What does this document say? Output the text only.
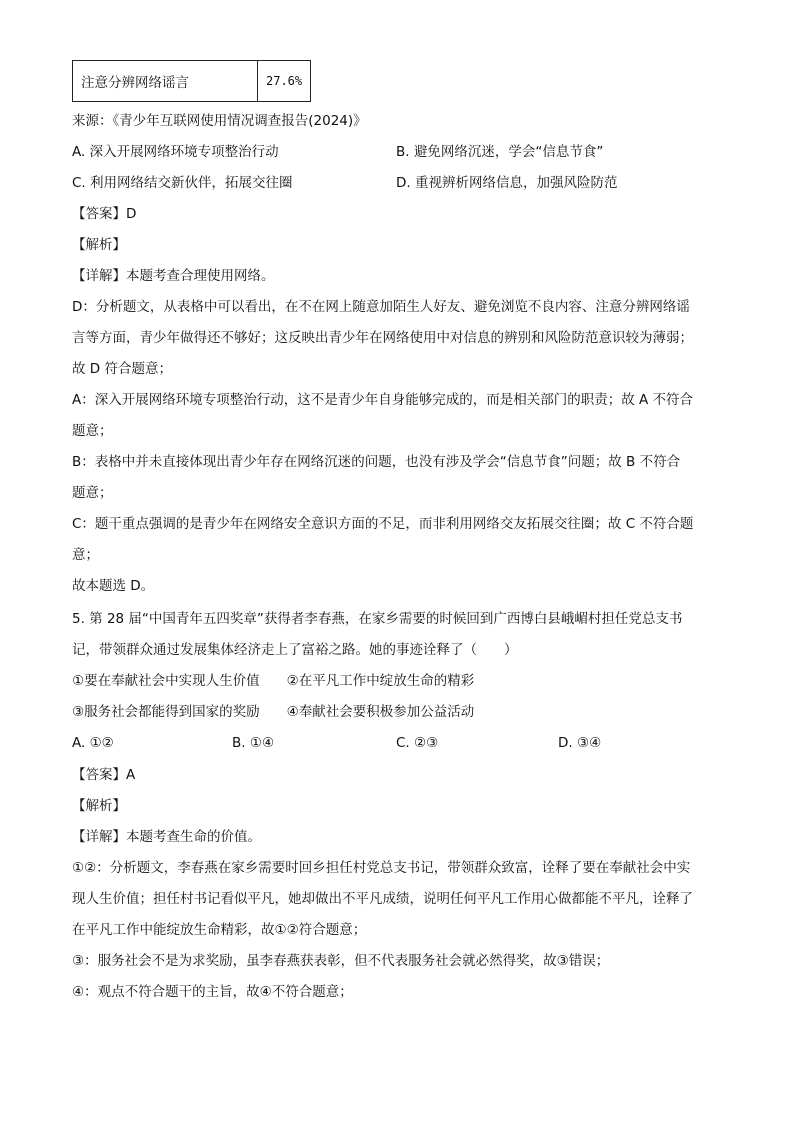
注意分辨网络谣言	27.6%
来源：《青少年互联网使用情况调查报告(2024)》
A. 深入开展网络环境专项整治行动	B. 避免网络沉迷，学会“信息节食”
C. 利用网络结交新伙伴，拓展交往圈	D. 重视辨析网络信息，加强风险防范
【答案】D
【解析】
【详解】本题考查合理使用网络。
D：分析题文，从表格中可以看出，在不在网上随意加陌生人好友、避免浏览不良内容、注意分辨网络谣
言等方面，青少年做得还不够好；这反映出青少年在网络使用中对信息的辨别和风险防范意识较为薄弱；
故 D 符合题意；
A：深入开展网络环境专项整治行动，这不是青少年自身能够完成的，而是相关部门的职责；故 A 不符合
题意；
B：表格中并未直接体现出青少年存在网络沉迷的问题，也没有涉及学会“信息节食”问题；故 B 不符合
题意；
C：题干重点强调的是青少年在网络安全意识方面的不足，而非利用网络交友拓展交往圈；故 C 不符合题
意；
故本题选 D。
5. 第 28 届“中国青年五四奖章”获得者李春燕，在家乡需要的时候回到广西博白县峨嵋村担任党总支书
记，带领群众通过发展集体经济走上了富裕之路。她的事迹诠释了（　　）
①要在奉献社会中实现人生价值　　②在平凡工作中绽放生命的精彩
③服务社会都能得到国家的奖励　　④奉献社会要积极参加公益活动
A. ①②	B. ①④	C. ②③	D. ③④
【答案】A
【解析】
【详解】本题考查生命的价值。
①②：分析题文，李春燕在家乡需要时回乡担任村党总支书记，带领群众致富，诠释了要在奉献社会中实
现人生价值；担任村书记看似平凡，她却做出不平凡成绩，说明任何平凡工作用心做都能不平凡，诠释了
在平凡工作中能绽放生命精彩，故①②符合题意；
③：服务社会不是为求奖励，虽李春燕获表彰，但不代表服务社会就必然得奖，故③错误；
④：观点不符合题干的主旨，故④不符合题意；
